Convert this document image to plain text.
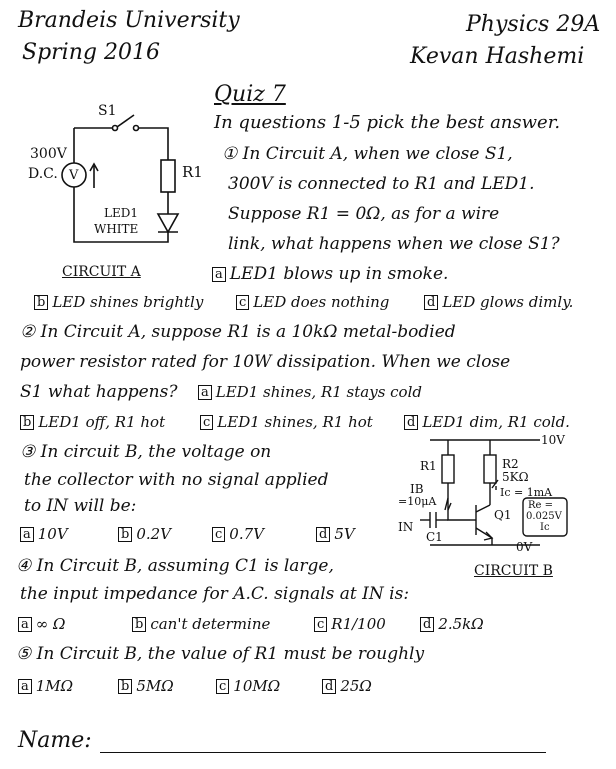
Brandeis University
Spring 2016
Physics 29A
Kevan Hashemi
Quiz 7
In questions 1-5 pick the best answer.
S1
300V
D.C. V	R1
LED1
WHITE
CIRCUIT A
10V
R1	R2
5KΩ
IB
=10μA
Ic = 1mA
Re =
0.025V
Ic
Q1
IN
C1
0V
CIRCUIT B
① In Circuit A, when we close S1,
300V is connected to R1 and LED1.
Suppose R1 = 0Ω, as for a wire
link, what happens when we close S1?
a LED1 blows up in smoke.
b LED shines brightly	c LED does nothing	d LED glows dimly.
② In Circuit A, suppose R1 is a 10kΩ metal-bodied
power resistor rated for 10W dissipation. When we close
S1 what happens? a LED1 shines, R1 stays cold
b LED1 off, R1 hot	c LED1 shines, R1 hot	d LED1 dim, R1 cold.
③ In circuit B, the voltage on
the collector with no signal applied
to IN will be:
a 10V	b 0.2V	c 0.7V	d 5V
④ In Circuit B, assuming C1 is large,
the input impedance for A.C. signals at IN is:
a ∞ Ω	b can't determine	c R1/100	d 2.5kΩ
⑤ In Circuit B, the value of R1 must be roughly
a 1MΩ	b 5MΩ	c 10MΩ	d 25Ω
Name:
